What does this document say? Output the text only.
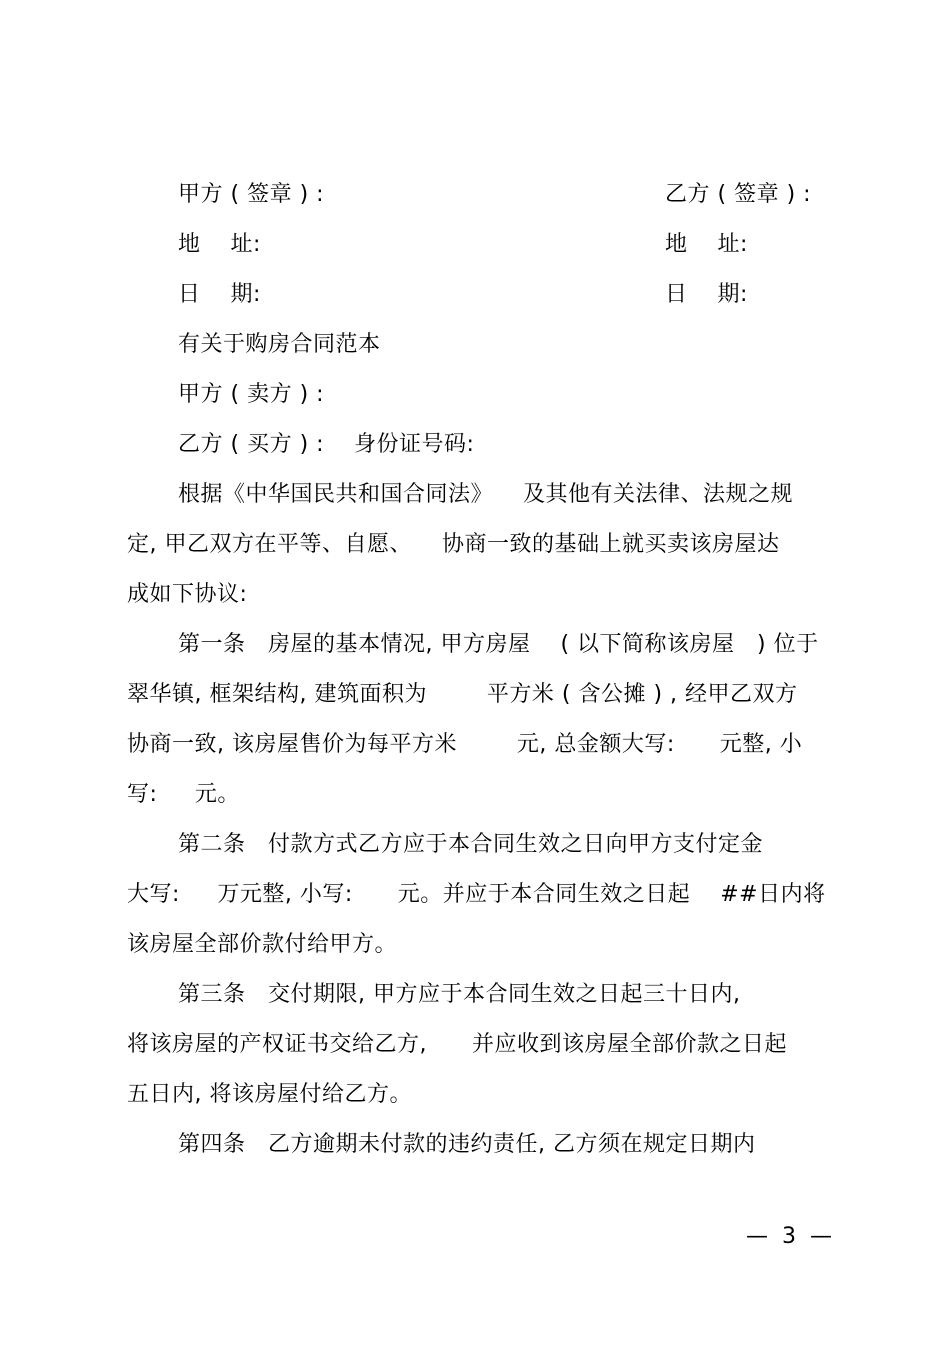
甲方 ( 签章 ) :	乙方 ( 签章 ) :
地    址:	地    址:
日    期:	日    期:
有关于购房合同范本
甲方 ( 卖方 ) :
乙方 ( 买方 ) :    身份证号码:
根据《中华国民共和国合同法》    及其他有关法律、法规之规
定, 甲乙双方在平等、自愿、    协商一致的基础上就买卖该房屋达
成如下协议:
第一条   房屋的基本情况, 甲方房屋    ( 以下简称该房屋   ) 位于
翠华镇, 框架结构, 建筑面积为        平方米 ( 含公摊 ) , 经甲乙双方
协商一致, 该房屋售价为每平方米        元, 总金额大写:      元整, 小
写:     元。
第二条   付款方式乙方应于本合同生效之日向甲方支付定金
大写:     万元整, 小写:      元。并应于本合同生效之日起    ##日内将
该房屋全部价款付给甲方。
第三条   交付期限, 甲方应于本合同生效之日起三十日内,
将该房屋的产权证书交给乙方,      并应收到该房屋全部价款之日起
五日内, 将该房屋付给乙方。
第四条   乙方逾期未付款的违约责任, 乙方须在规定日期内
—  3  —
